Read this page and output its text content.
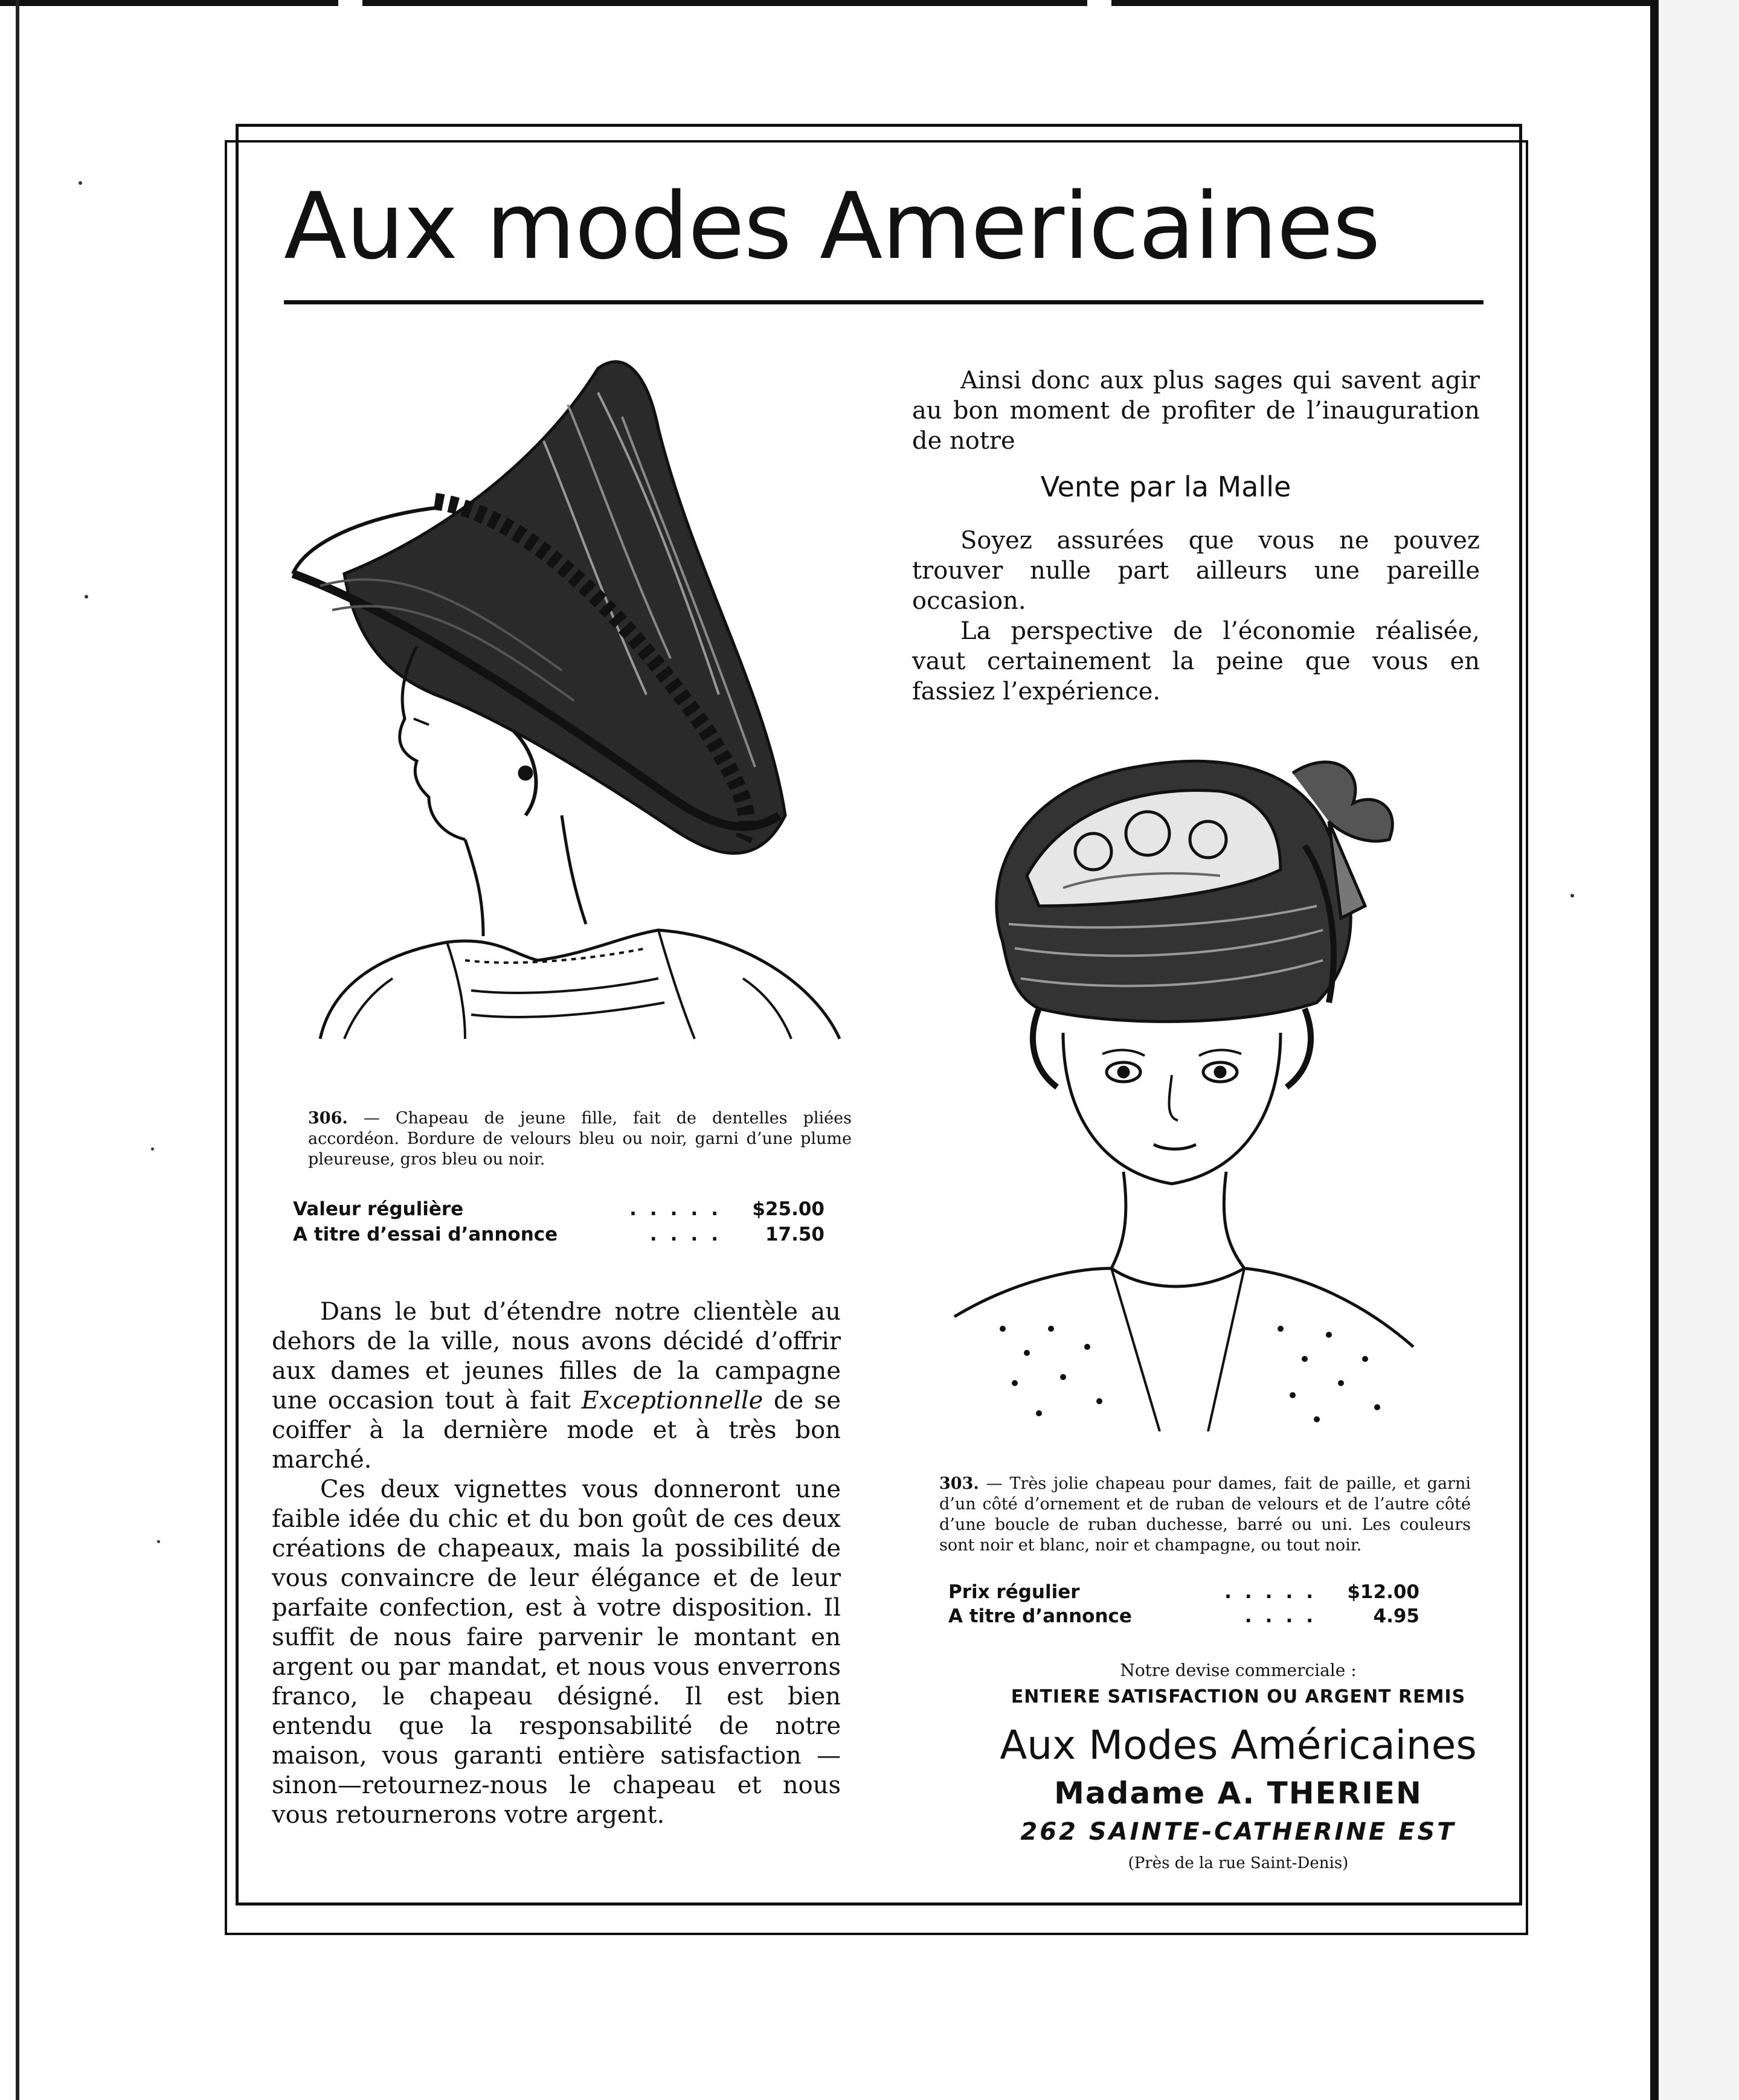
Aux modes Americaines

Ainsi donc aux plus sages qui savent agir au bon moment de profiter de l’inauguration de notre

Vente par la Malle

Soyez assurées que vous ne pouvez trouver nulle part ailleurs une pareille occasion.

La perspective de l’économie réalisée, vaut certainement la peine que vous en fassiez l’expérience.

306. — Chapeau de jeune fille, fait de dentelles pliées accordéon. Bordure de velours bleu ou noir, garni d’une plume pleureuse, gros bleu ou noir.
Valeur régulière	.....	$25.00
A titre d’essai d’annonce	....	17.50

Dans le but d’étendre notre clientèle au dehors de la ville, nous avons décidé d’offrir aux dames et jeunes filles de la campagne une occasion tout à fait Exceptionnelle de se coiffer à la dernière mode et à très bon marché.

Ces deux vignettes vous donneront une faible idée du chic et du bon goût de ces deux créations de chapeaux, mais la possibilité de vous convaincre de leur élégance et de leur parfaite confection, est à votre disposition. Il suffit de nous faire parvenir le montant en argent ou par mandat, et nous vous enverrons franco, le chapeau désigné. Il est bien entendu que la responsabilité de notre maison, vous garanti entière satisfaction — sinon—retournez-nous le chapeau et nous vous retournerons votre argent.

303. — Très jolie chapeau pour dames, fait de paille, et garni d’un côté d’ornement et de ruban de velours et de l’autre côté d’une boucle de ruban duchesse, barré ou uni. Les couleurs sont noir et blanc, noir et champagne, ou tout noir.
Prix régulier	.....	$12.00
A titre d’annonce	....	4.95
Notre devise commerciale :
ENTIERE SATISFACTION OU ARGENT REMIS
Aux Modes Américaines
Madame A. THERIEN
262 SAINTE-CATHERINE EST
(Près de la rue Saint-Denis)
